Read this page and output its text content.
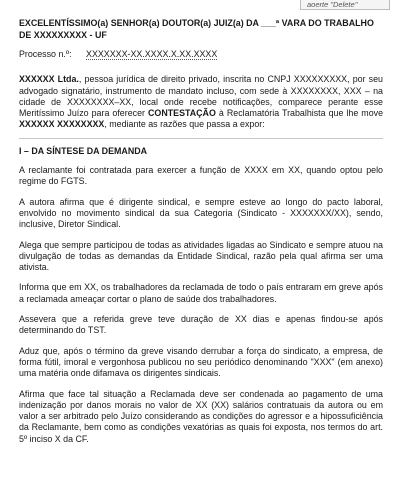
aoerte "Delete"
EXCELENTÍSSIMO(a) SENHOR(a) DOUTOR(a) JUIZ(a) DA ___ª VARA DO TRABALHO DE XXXXXXXXX - UF
Processo n.º: XXXXXXX-XX.XXXX.X.XX.XXXX

XXXXXX Ltda., pessoa jurídica de direito privado, inscrita no CNPJ XXXXXXXXX, por seu advogado signatário, instrumento de mandato incluso, com sede à XXXXXXXX, XXX – na cidade de XXXXXXXX–XX, local onde recebe notificações, comparece perante esse Meritíssimo Juízo para oferecer CONTESTAÇÃO à Reclamatória Trabalhista que lhe move XXXXXX XXXXXXXX, mediante as razões que passa a expor:

I – DA SÍNTESE DA DEMANDA

A reclamante foi contratada para exercer a função de XXXX em XX, quando optou pelo regime do FGTS.

A autora afirma que é dirigente sindical, e sempre esteve ao longo do pacto laboral, envolvido no movimento sindical da sua Categoria (Sindicato - XXXXXXX/XX), sendo, inclusive, Diretor Sindical.

Alega que sempre participou de todas as atividades ligadas ao Sindicato e sempre atuou na divulgação de todas as demandas da Entidade Sindical, razão pela qual afirma ser uma ativista.

Informa que em XX, os trabalhadores da reclamada de todo o país entraram em greve após a reclamada ameaçar cortar o plano de saúde dos trabalhadores.

Assevera que a referida greve teve duração de XX dias e apenas findou-se após determinando do TST.

Aduz que, após o término da greve visando derrubar a força do sindicato, a empresa, de forma fútil, imoral e vergonhosa publicou no seu periódico denominando "XXX" (em anexo) uma matéria onde difamava os dirigentes sindicais.

Afirma que face tal situação a Reclamada deve ser condenada ao pagamento de uma indenização por danos morais no valor de XX (XX) salários contratuais da autora ou em valor a ser arbitrado pelo Juízo considerando as condições do agressor e a hipossuficiência da Reclamante, bem como as condições vexatórias as quais foi exposta, nos termos do art. 5º inciso X da CF.
